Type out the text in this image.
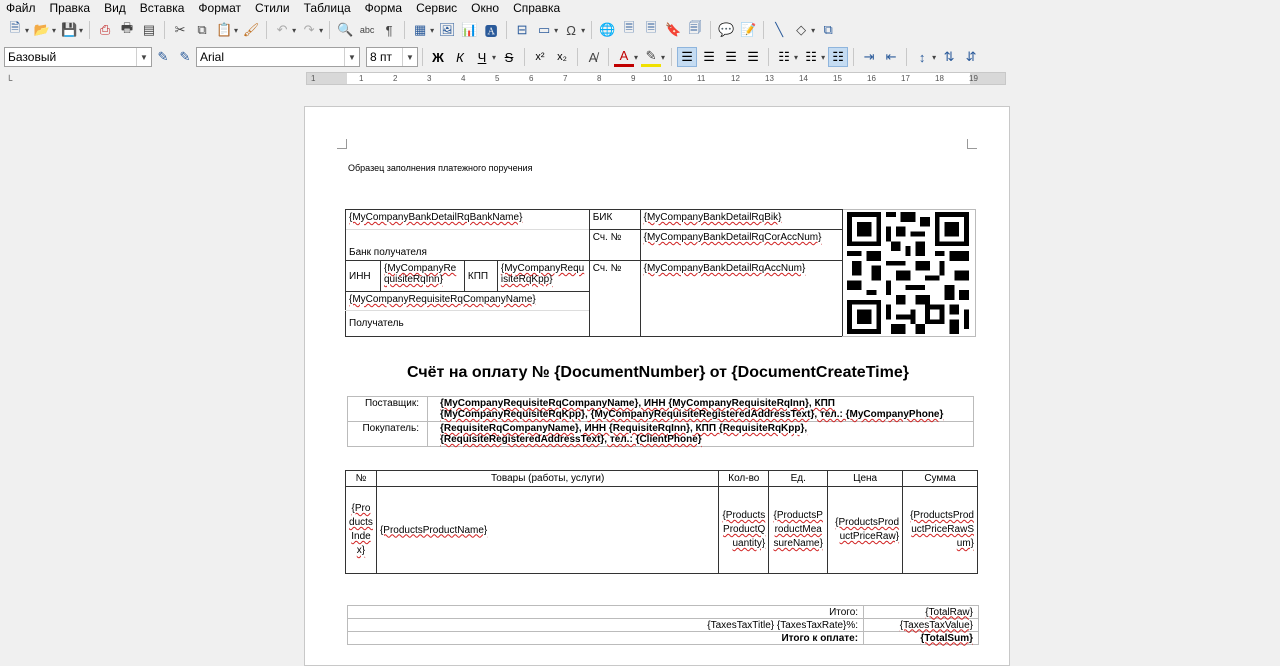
Файл Правка Вид Вставка Формат Стили Таблица Форма Сервис Окно Справка
🗎 ▾ 📂 ▾ 💾 ▾ ⎙ 🖶 ▤ ✂ ⧉ 📋 ▾ 🖌 ↶ ▾ ↷ ▾ 🔍 abc ¶	▦ ▾ 🖼 📊 🅰 ⊟ ▭ ▾ Ω ▾ 🌐 🗏 🗏 🔖 🗐 💬 📝	╲	◇ ▾ ⧉
Базовый	▼ ✎ ✎ Arial	▼ 8 пт	▼	Ж К	Ч ▾ S	x²	x₂	A̸	A ▾ ✎ ▾	☰ ☰ ☰ ☰	☷ ▾ ☷ ▾ ☷	⇥ ⇤	↕ ▾ ⇅ ⇵
1	1	2	3	4	5	6	7	8	9	10	11	12	13	14	15	16	17	18	19
└
Образец заполнения платежного поручения
{MyCompanyBankDetailRqBankName}				БИК	{MyCompanyBankDetailRqBik}	
Банк получателя				Сч. №	{MyCompanyBankDetailRqCorAccNum}	
ИНН	{MyCompanyRequisiteRqInn}	КПП	{MyCompanyRequisiteRqKpp}	Сч. №	{MyCompanyBankDetailRqAccNum}	
{MyCompanyRequisiteRqCompanyName}						
Получатель						
Счёт на оплату № {DocumentNumber} от {DocumentCreateTime}
Поставщик:	{MyCompanyRequisiteRqCompanyName}, ИНН {MyCompanyRequisiteRqInn}, КПП {MyCompanyRequisiteRqKpp}, {MyCompanyRequisiteRegisteredAddressText}, тел.: {MyCompanyPhone}
Покупатель:	{RequisiteRqCompanyName}, ИНН {RequisiteRqInn}, КПП {RequisiteRqKpp}, {RequisiteRegisteredAddressText}, тел.: {ClientPhone}
№	Товары (работы, услуги)	Кол-во	Ед.	Цена	Сумма
{ProductsIndex}	{ProductsProductName}	{ProductsProductQuantity}	{ProductsProductMeasureName}	{ProductsProductPriceRaw}	{ProductsProductPriceRawSum}
Итого:	{TotalRaw}
{TaxesTaxTitle} {TaxesTaxRate}%:	{TaxesTaxValue}
Итого к оплате:	{TotalSum}
